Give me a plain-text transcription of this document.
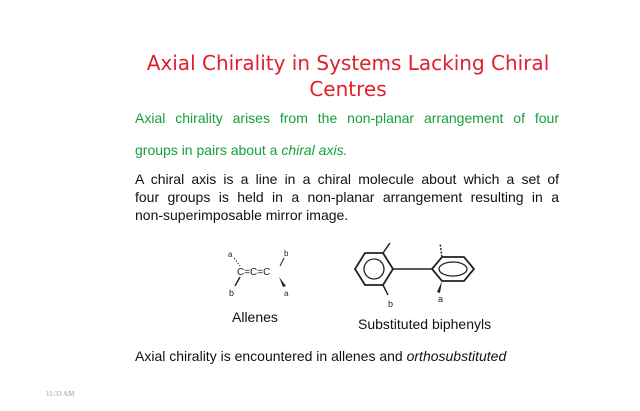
Axial Chirality in Systems Lacking Chiral Centres
Axial chirality arises from the non-planar arrangement of four
groups in pairs about a chiral axis.
A chiral axis is a line in a chiral molecule about which a set of
four groups is held in a non-planar arrangement resulting in a
non-superimposable mirror image.
a
C=C=C
b
b
a
b	a
Allenes	Substituted biphenyls
Axial chirality is encountered in allenes and orthosubstituted
11:33 AM
